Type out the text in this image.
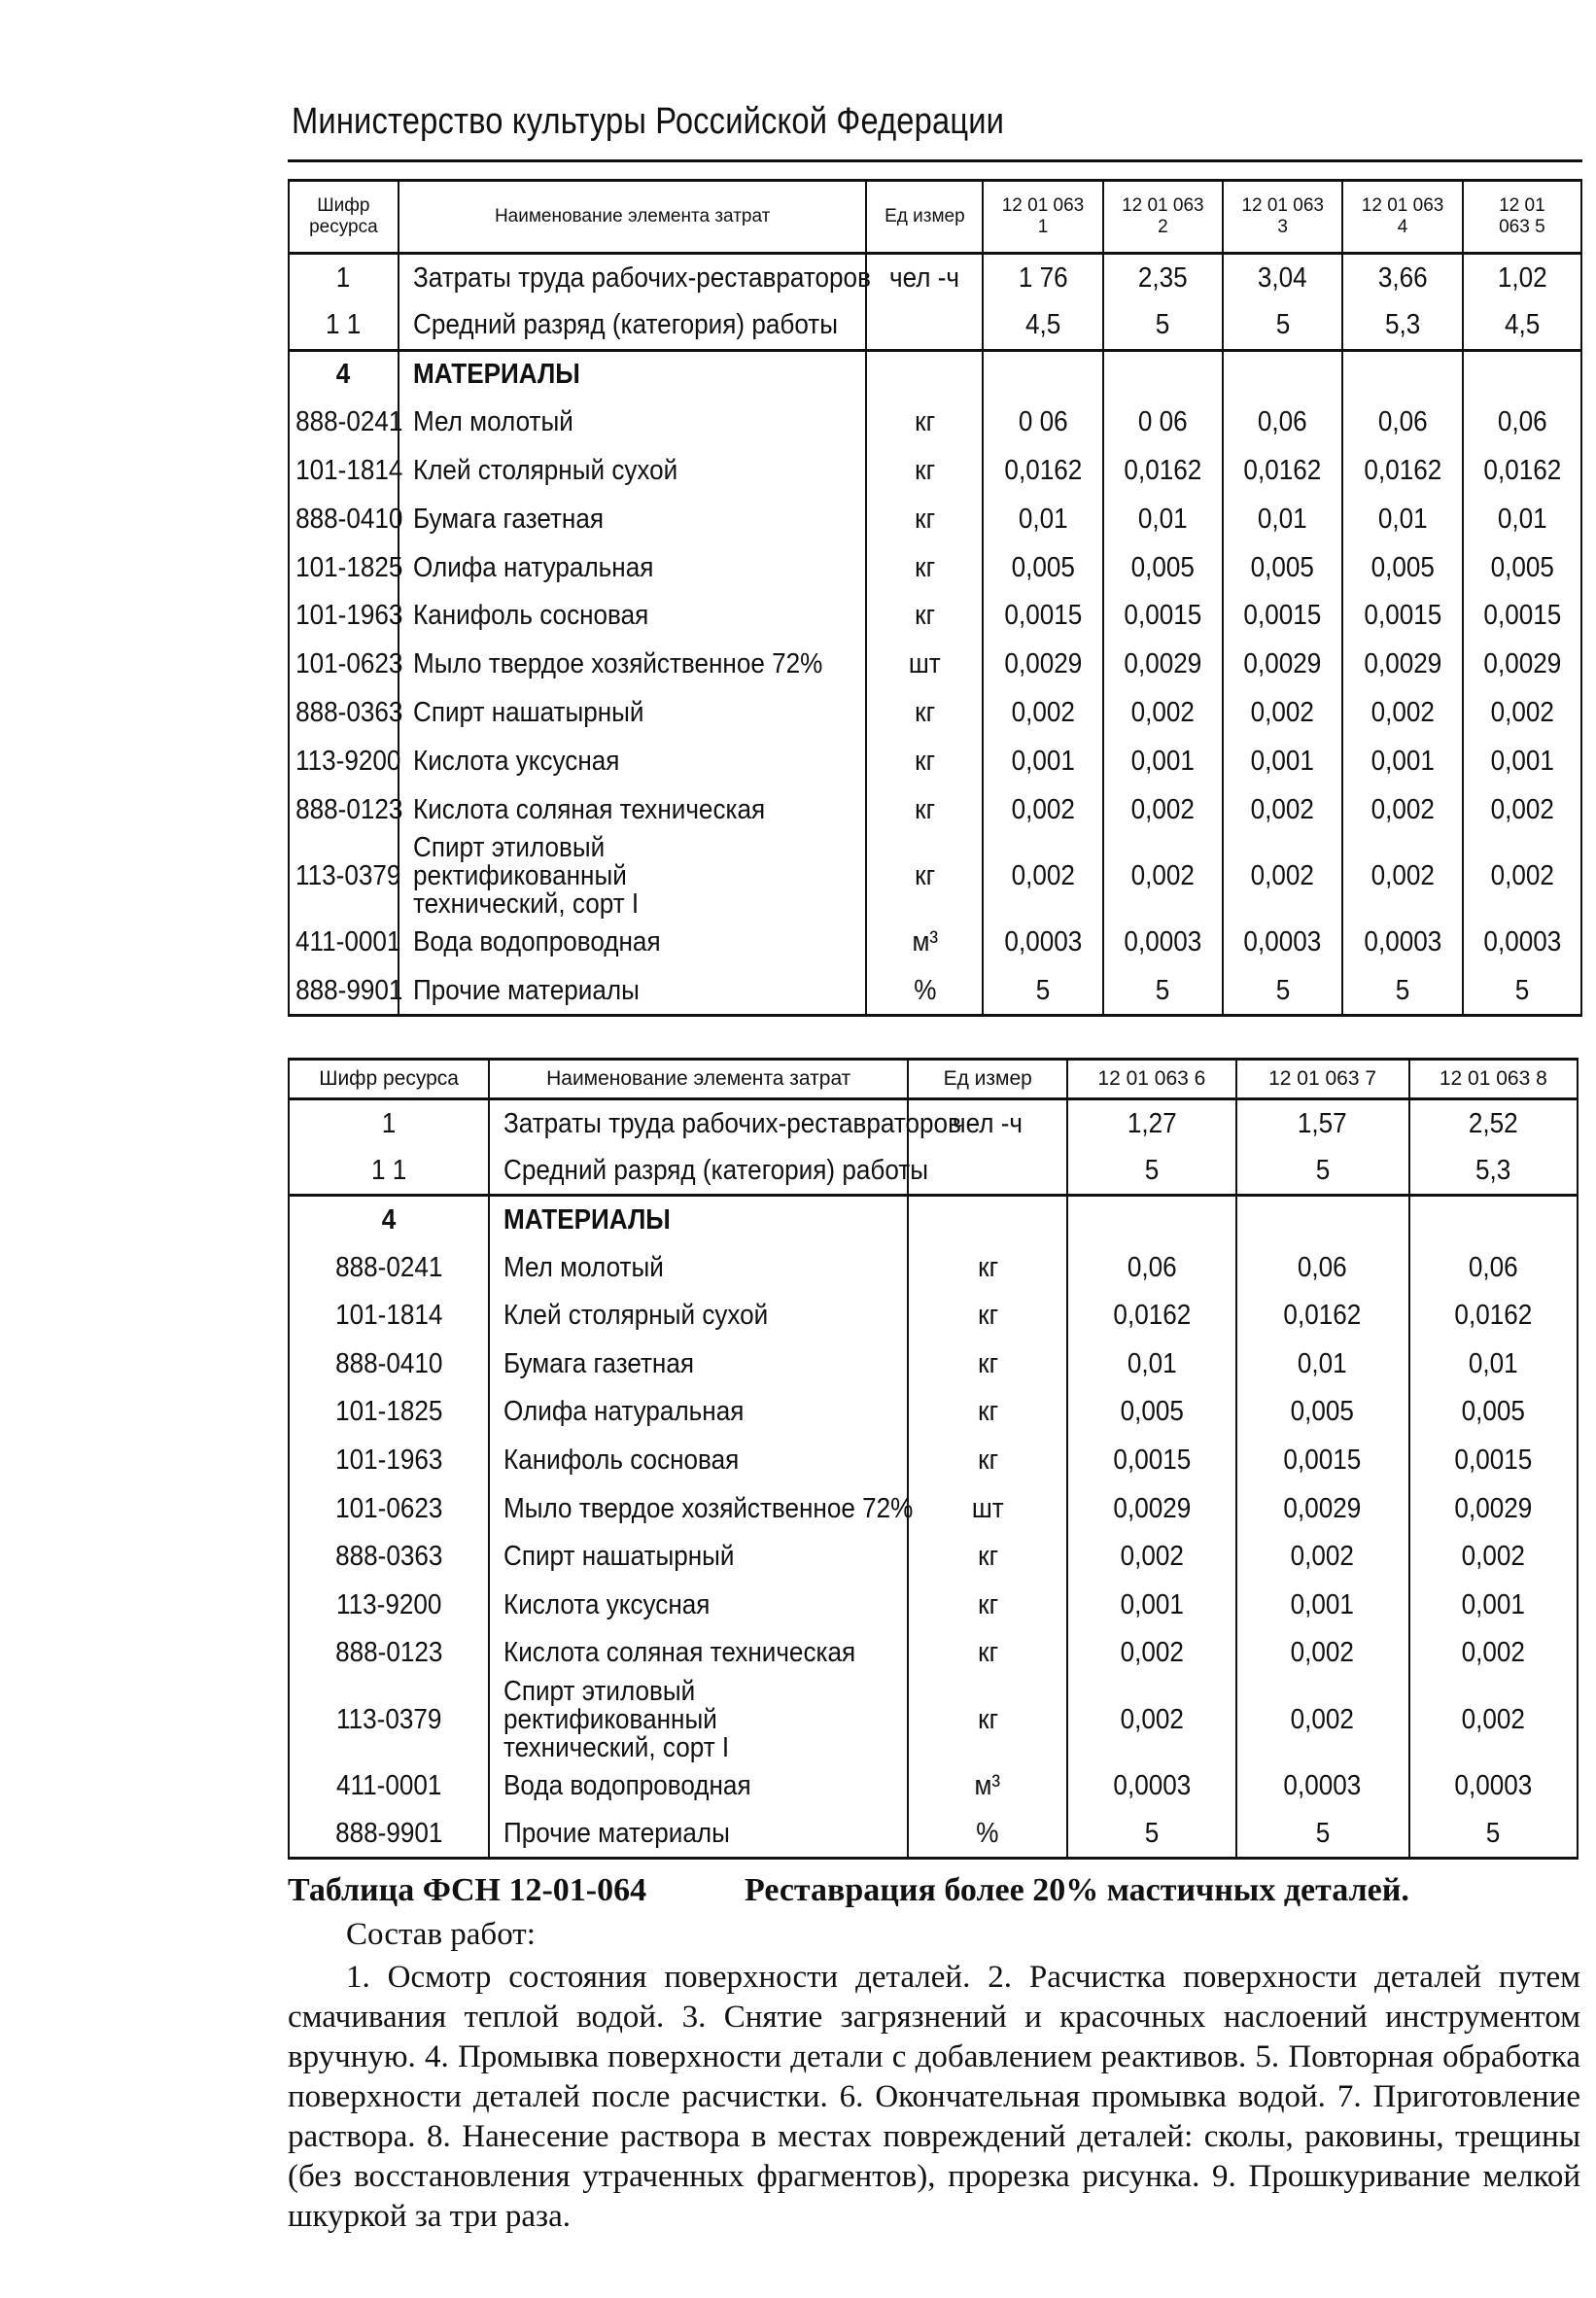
Министерство культуры Российской Федерации
Шифр ресурса	Наименование элемента затрат	Ед измер	12 01 063 1	12 01 063 2	12 01 063 3	12 01 063 4	12 01 063 5
1	Затраты труда рабочих-реставраторов	чел -ч	1 76	2,35	3,04	3,66	1,02
1 1	Средний разряд (категория) работы		4,5	5	5	5,3	4,5
4	МАТЕРИАЛЫ						
888-0241	Мел молотый	кг	0 06	0 06	0,06	0,06	0,06
101-1814	Клей столярный сухой	кг	0,0162	0,0162	0,0162	0,0162	0,0162
888-0410	Бумага газетная	кг	0,01	0,01	0,01	0,01	0,01
101-1825	Олифа натуральная	кг	0,005	0,005	0,005	0,005	0,005
101-1963	Канифоль сосновая	кг	0,0015	0,0015	0,0015	0,0015	0,0015
101-0623	Мыло твердое хозяйственное 72%	шт	0,0029	0,0029	0,0029	0,0029	0,0029
888-0363	Спирт нашатырный	кг	0,002	0,002	0,002	0,002	0,002
113-9200	Кислота уксусная	кг	0,001	0,001	0,001	0,001	0,001
888-0123	Кислота соляная техническая	кг	0,002	0,002	0,002	0,002	0,002
113-0379	Спирт этиловый ректификованный технический, сорт I	кг	0,002	0,002	0,002	0,002	0,002
411-0001	Вода водопроводная	м³	0,0003	0,0003	0,0003	0,0003	0,0003
888-9901	Прочие материалы	%	5	5	5	5	5
Шифр ресурса	Наименование элемента затрат	Ед измер	12 01 063 6	12 01 063 7	12 01 063 8
1	Затраты труда рабочих-реставраторов	чел -ч	1,27	1,57	2,52
1 1	Средний разряд (категория) работы		5	5	5,3
4	МАТЕРИАЛЫ				
888-0241	Мел молотый	кг	0,06	0,06	0,06
101-1814	Клей столярный сухой	кг	0,0162	0,0162	0,0162
888-0410	Бумага газетная	кг	0,01	0,01	0,01
101-1825	Олифа натуральная	кг	0,005	0,005	0,005
101-1963	Канифоль сосновая	кг	0,0015	0,0015	0,0015
101-0623	Мыло твердое хозяйственное 72%	шт	0,0029	0,0029	0,0029
888-0363	Спирт нашатырный	кг	0,002	0,002	0,002
113-9200	Кислота уксусная	кг	0,001	0,001	0,001
888-0123	Кислота соляная техническая	кг	0,002	0,002	0,002
113-0379	Спирт этиловый ректификованный технический, сорт I	кг	0,002	0,002	0,002
411-0001	Вода водопроводная	м³	0,0003	0,0003	0,0003
888-9901	Прочие материалы	%	5	5	5
Таблица ФСН 12-01-064	Реставрация более 20% мастичных деталей.
Состав работ:
1. Осмотр состояния поверхности деталей. 2. Расчистка поверхности деталей путем смачивания теплой водой. 3. Снятие загрязнений и красочных наслоений инструментом вручную. 4. Промывка поверхности детали с добавлением реактивов. 5. Повторная обработка поверхности деталей после расчистки. 6. Окончательная промывка водой. 7. Приготовление раствора. 8. Нанесение раствора в местах повреждений деталей: сколы, раковины, трещины (без восстановления утраченных фрагментов), прорезка рисунка. 9. Прошкуривание мелкой шкуркой за три раза.
